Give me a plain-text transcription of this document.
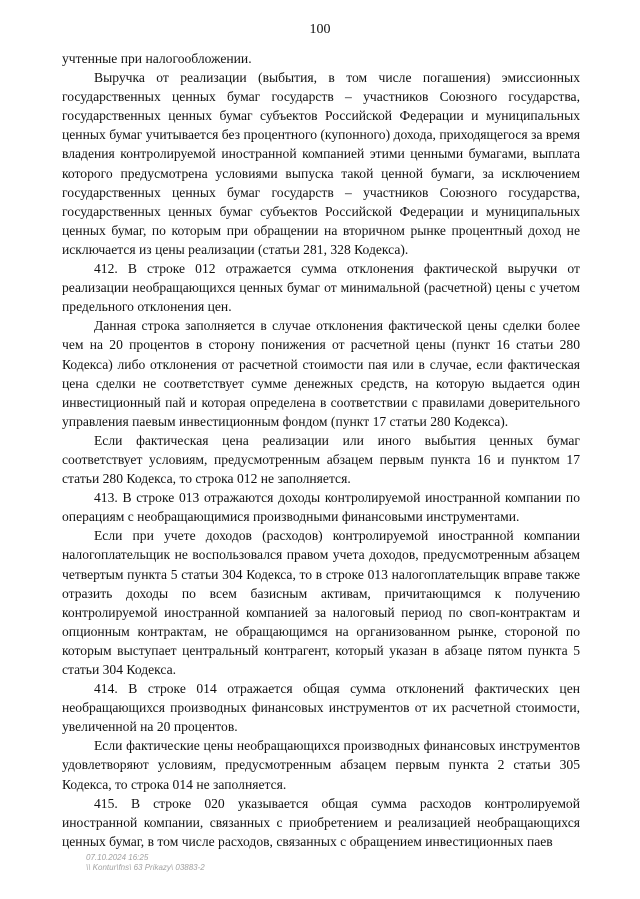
100

учтенные при налогообложении.

Выручка от реализации (выбытия, в том числе погашения) эмиссионных государственных ценных бумаг государств – участников Союзного государства, государственных ценных бумаг субъектов Российской Федерации и муниципальных ценных бумаг учитывается без процентного (купонного) дохода, приходящегося за время владения контролируемой иностранной компанией этими ценными бумагами, выплата которого предусмотрена условиями выпуска такой ценной бумаги, за исключением государственных ценных бумаг государств – участников Союзного государства, государственных ценных бумаг субъектов Российской Федерации и муниципальных ценных бумаг, по которым при обращении на вторичном рынке процентный доход не исключается из цены реализации (статьи 281, 328 Кодекса).

412. В строке 012 отражается сумма отклонения фактической выручки от реализации необращающихся ценных бумаг от минимальной (расчетной) цены с учетом предельного отклонения цен.

Данная строка заполняется в случае отклонения фактической цены сделки более чем на 20 процентов в сторону понижения от расчетной цены (пункт 16 статьи 280 Кодекса) либо отклонения от расчетной стоимости пая или в случае, если фактическая цена сделки не соответствует сумме денежных средств, на которую выдается один инвестиционный пай и которая определена в соответствии с правилами доверительного управления паевым инвестиционным фондом (пункт 17 статьи 280 Кодекса).

Если фактическая цена реализации или иного выбытия ценных бумаг соответствует условиям, предусмотренным абзацем первым пункта 16 и пунктом 17 статьи 280 Кодекса, то строка 012 не заполняется.

413. В строке 013 отражаются доходы контролируемой иностранной компании по операциям с необращающимися производными финансовыми инструментами.

Если при учете доходов (расходов) контролируемой иностранной компании налогоплательщик не воспользовался правом учета доходов, предусмотренным абзацем четвертым пункта 5 статьи 304 Кодекса, то в строке 013 налогоплательщик вправе также отразить доходы по всем базисным активам, причитающимся к получению контролируемой иностранной компанией за налоговый период по своп-контрактам и опционным контрактам, не обращающимся на организованном рынке, стороной по которым выступает центральный контрагент, который указан в абзаце пятом пункта 5 статьи 304 Кодекса.

414. В строке 014 отражается общая сумма отклонений фактических цен необращающихся производных финансовых инструментов от их расчетной стоимости, увеличенной на 20 процентов.

Если фактические цены необращающихся производных финансовых инструментов удовлетворяют условиям, предусмотренным абзацем первым пункта 2 статьи 305 Кодекса, то строка 014 не заполняется.

415. В строке 020 указывается общая сумма расходов контролируемой иностранной компании, связанных с приобретением и реализацией необращающихся ценных бумаг, в том числе расходов, связанных с обращением инвестиционных паев

07.10.2024 16:25
\\ Kontur\fns\ 63 Prikazy\ 03883-2
